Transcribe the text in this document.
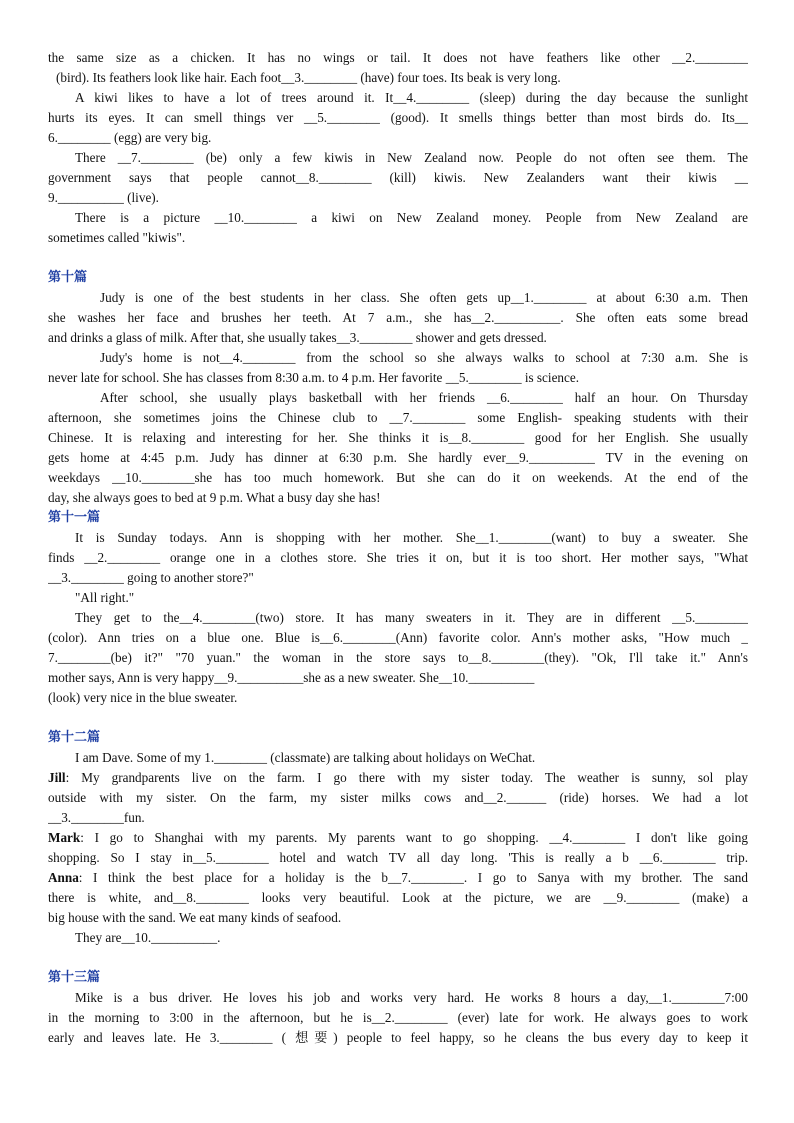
the same size as a chicken. It has no wings or tail. It does not have feathers like other __2.________
(bird). Its feathers look like hair. Each foot__3.________ (have) four toes. Its beak is very long.
A kiwi likes to have a lot of trees around it. It__4.________ (sleep) during the day because the sunlight
hurts its eyes. It can smell things ver __5.________ (good). It smells things better than most birds do. Its__
6.________ (egg) are very big.
There __7.________ (be) only a few kiwis in New Zealand now. People do not often see them. The
government says that people cannot__8.________ (kill) kiwis. New Zealanders want their kiwis __
9.__________ (live).
There is a picture __10.________ a kiwi on New Zealand money. People from New Zealand are
sometimes called "kiwis".
第十篇
Judy is one of the best students in her class. She often gets up__1.________ at about 6:30 a.m. Then
she washes her face and brushes her teeth. At 7 a.m., she has__2.__________. She often eats some bread
and drinks a glass of milk. After that, she usually takes__3.________ shower and gets dressed.
Judy's home is not__4.________ from the school so she always walks to school at 7:30 a.m. She is
never late for school. She has classes from 8:30 a.m. to 4 p.m. Her favorite __5.________ is science.
After school, she usually plays basketball with her friends __6.________ half an hour. On Thursday
afternoon, she sometimes joins the Chinese club to __7.________ some English- speaking students with their
Chinese. It is relaxing and interesting for her. She thinks it is__8.________ good for her English. She usually
gets home at 4:45 p.m. Judy has dinner at 6:30 p.m. She hardly ever__9.__________ TV in the evening on
weekdays __10.________she has too much homework. But she can do it on weekends. At the end of the
day, she always goes to bed at 9 p.m. What a busy day she has!
第十一篇
It is Sunday todays. Ann is shopping with her mother. She__1.________(want) to buy a sweater. She
finds __2.________ orange one in a clothes store. She tries it on, but it is too short. Her mother says, "What
__3.________ going to another store?"
"All right."
They get to the__4.________(two) store. It has many sweaters in it. They are in different __5.________
(color). Ann tries on a blue one. Blue is__6.________(Ann) favorite color. Ann's mother asks, "How much _
7.________(be) it?" "70 yuan." the woman in the store says to__8.________(they). "Ok, I'll take it." Ann's
mother says, Ann is very happy__9.__________she as a new sweater. She__10.__________
(look) very nice in the blue sweater.
第十二篇
I am Dave. Some of my 1.________ (classmate) are talking about holidays on WeChat.
Jill: My grandparents live on the farm. I go there with my sister today. The weather is sunny, sol play
outside with my sister. On the farm, my sister milks cows and__2.______ (ride) horses. We had a lot
__3.________fun.
Mark: I go to Shanghai with my parents. My parents want to go shopping. __4.________ I don't like going
shopping. So I stay in__5.________ hotel and watch TV all day long. 'This is really a b __6.________ trip.
Anna: I think the best place for a holiday is the b__7.________. I go to Sanya with my brother. The sand
there is white, and__8.________ looks very beautiful. Look at the picture, we are __9.________ (make) a
big house with the sand. We eat many kinds of seafood.
They are__10.__________.
第十三篇
Mike is a bus driver. He loves his job and works very hard. He works 8 hours a day,__1.________7:00
in the morning to 3:00 in the afternoon, but he is__2.________ (ever) late for work. He always goes to work
early and leaves late. He 3.________ ( 想要) people to feel happy, so he cleans the bus every day to keep it
